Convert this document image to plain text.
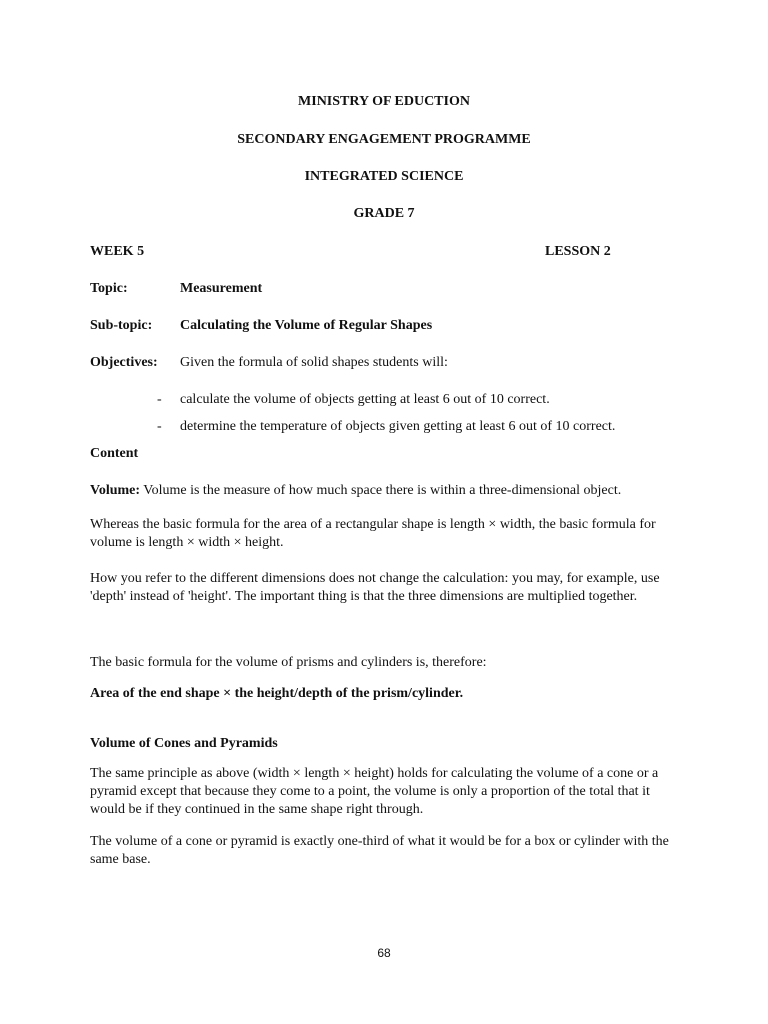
MINISTRY OF EDUCTION
SECONDARY ENGAGEMENT PROGRAMME
INTEGRATED SCIENCE
GRADE 7
WEEK 5	LESSON 2
Topic:	Measurement
Sub-topic: Calculating the Volume of Regular Shapes
Objectives: Given the formula of solid shapes students will:
- calculate the volume of objects getting at least 6 out of 10 correct.
- determine the temperature of objects given getting at least 6 out of 10 correct.
Content
Volume: Volume is the measure of how much space there is within a three-dimensional object.
Whereas the basic formula for the area of a rectangular shape is length × width, the basic formula for volume is length × width × height.
How you refer to the different dimensions does not change the calculation: you may, for example, use 'depth' instead of 'height'. The important thing is that the three dimensions are multiplied together.
The basic formula for the volume of prisms and cylinders is, therefore:
Area of the end shape × the height/depth of the prism/cylinder.
Volume of Cones and Pyramids
The same principle as above (width × length × height) holds for calculating the volume of a cone or a pyramid except that because they come to a point, the volume is only a proportion of the total that it would be if they continued in the same shape right through.
The volume of a cone or pyramid is exactly one-third of what it would be for a box or cylinder with the same base.
68
